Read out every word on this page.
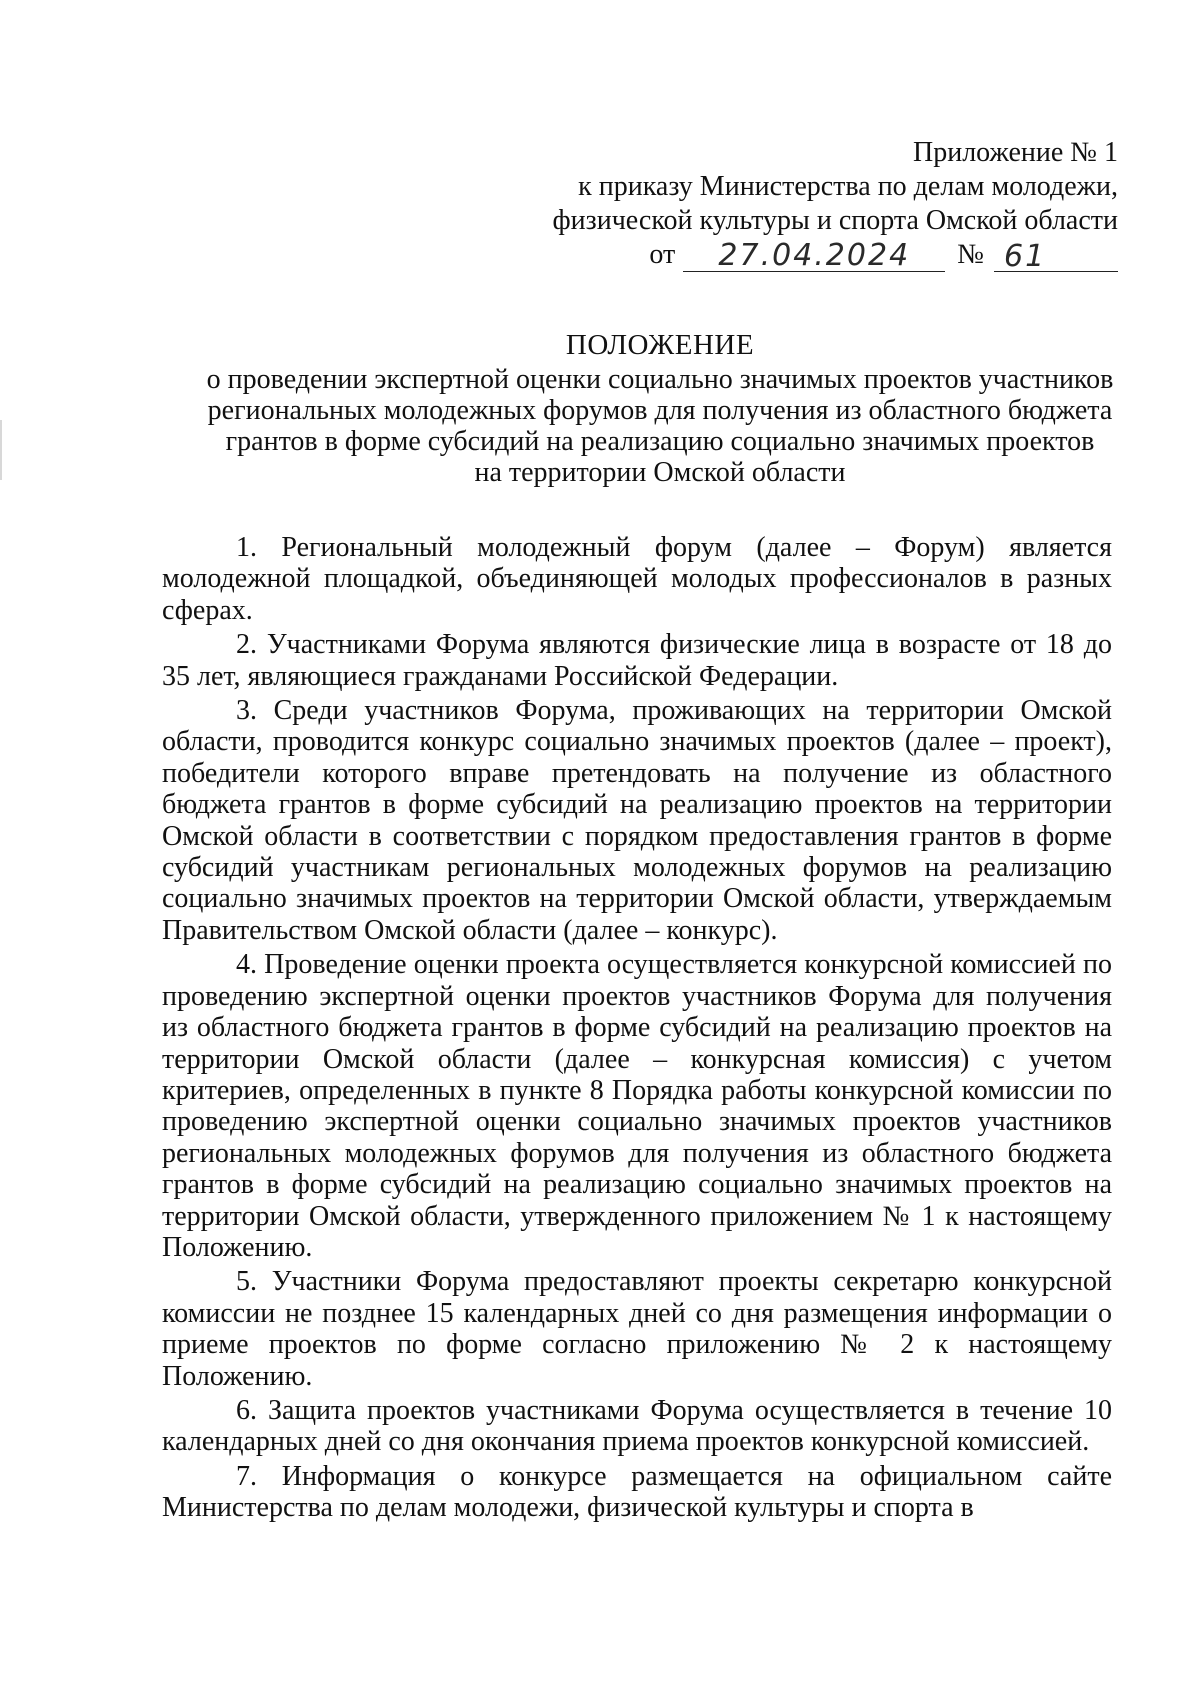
Приложение № 1
к приказу Министерства по делам молодежи,
физической культуры и спорта Омской области
от	27.04.2024	№ 61
ПОЛОЖЕНИЕ
о проведении экспертной оценки социально значимых проектов участников
региональных молодежных форумов для получения из областного бюджета
грантов в форме субсидий на реализацию социально значимых проектов
на территории Омской области

1. Региональный молодежный форум (далее – Форум) является молодежной площадкой, объединяющей молодых профессионалов в разных сферах.

2. Участниками Форума являются физические лица в возрасте от 18 до 35 лет, являющиеся гражданами Российской Федерации.

3. Среди участников Форума, проживающих на территории Омской области, проводится конкурс социально значимых проектов (далее – проект), победители которого вправе претендовать на получение из областного бюджета грантов в форме субсидий на реализацию проектов на территории Омской области в соответствии с порядком предоставления грантов в форме субсидий участникам региональных молодежных форумов на реализацию социально значимых проектов на территории Омской области, утверждаемым Правительством Омской области (далее – конкурс).

4. Проведение оценки проекта осуществляется конкурсной комиссией по проведению экспертной оценки проектов участников Форума для получения из областного бюджета грантов в форме субсидий на реализацию проектов на территории Омской области (далее – конкурсная комиссия) с учетом критериев, определенных в пункте 8 Порядка работы конкурсной комиссии по проведению экспертной оценки социально значимых проектов участников региональных молодежных форумов для получения из областного бюджета грантов в форме субсидий на реализацию социально значимых проектов на территории Омской области, утвержденного приложением № 1 к настоящему Положению.

5. Участники Форума предоставляют проекты секретарю конкурсной комиссии не позднее 15 календарных дней со дня размещения информации о приеме проектов по форме согласно приложению № 2 к настоящему Положению.

6. Защита проектов участниками Форума осуществляется в течение 10 календарных дней со дня окончания приема проектов конкурсной комиссией.

7. Информация о конкурсе размещается на официальном сайте Министерства по делам молодежи, физической культуры и спорта в
